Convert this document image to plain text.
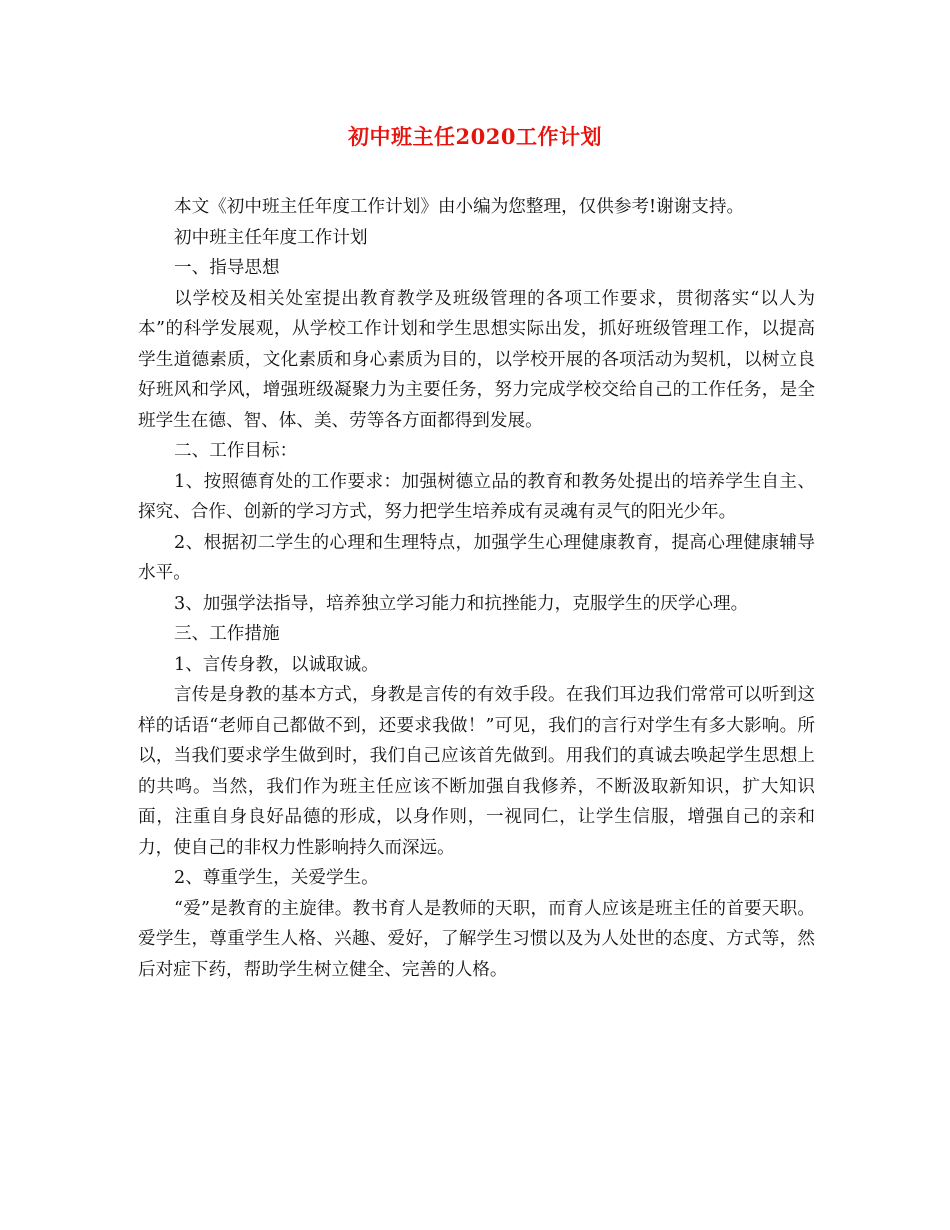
初中班主任2020工作计划

本文《初中班主任年度工作计划》由小编为您整理，仅供参考!谢谢支持。

初中班主任年度工作计划

一、指导思想

以学校及相关处室提出教育教学及班级管理的各项工作要求，贯彻落实“以人为本”的科学发展观，从学校工作计划和学生思想实际出发，抓好班级管理工作，以提高学生道德素质，文化素质和身心素质为目的，以学校开展的各项活动为契机，以树立良好班风和学风，增强班级凝聚力为主要任务，努力完成学校交给自己的工作任务，是全班学生在德、智、体、美、劳等各方面都得到发展。

二、工作目标：

1、按照德育处的工作要求：加强树德立品的教育和教务处提出的培养学生自主、探究、合作、创新的学习方式，努力把学生培养成有灵魂有灵气的阳光少年。

2、根据初二学生的心理和生理特点，加强学生心理健康教育，提高心理健康辅导水平。

3、加强学法指导，培养独立学习能力和抗挫能力，克服学生的厌学心理。

三、工作措施

1、言传身教，以诚取诚。

言传是身教的基本方式，身教是言传的有效手段。在我们耳边我们常常可以听到这样的话语“老师自己都做不到，还要求我做！”可见，我们的言行对学生有多大影响。所以，当我们要求学生做到时，我们自己应该首先做到。用我们的真诚去唤起学生思想上的共鸣。当然，我们作为班主任应该不断加强自我修养，不断汲取新知识，扩大知识面，注重自身良好品德的形成，以身作则，一视同仁，让学生信服，增强自己的亲和力，使自己的非权力性影响持久而深远。

2、尊重学生，关爱学生。

“爱”是教育的主旋律。教书育人是教师的天职，而育人应该是班主任的首要天职。爱学生，尊重学生人格、兴趣、爱好，了解学生习惯以及为人处世的态度、方式等，然后对症下药，帮助学生树立健全、完善的人格。
